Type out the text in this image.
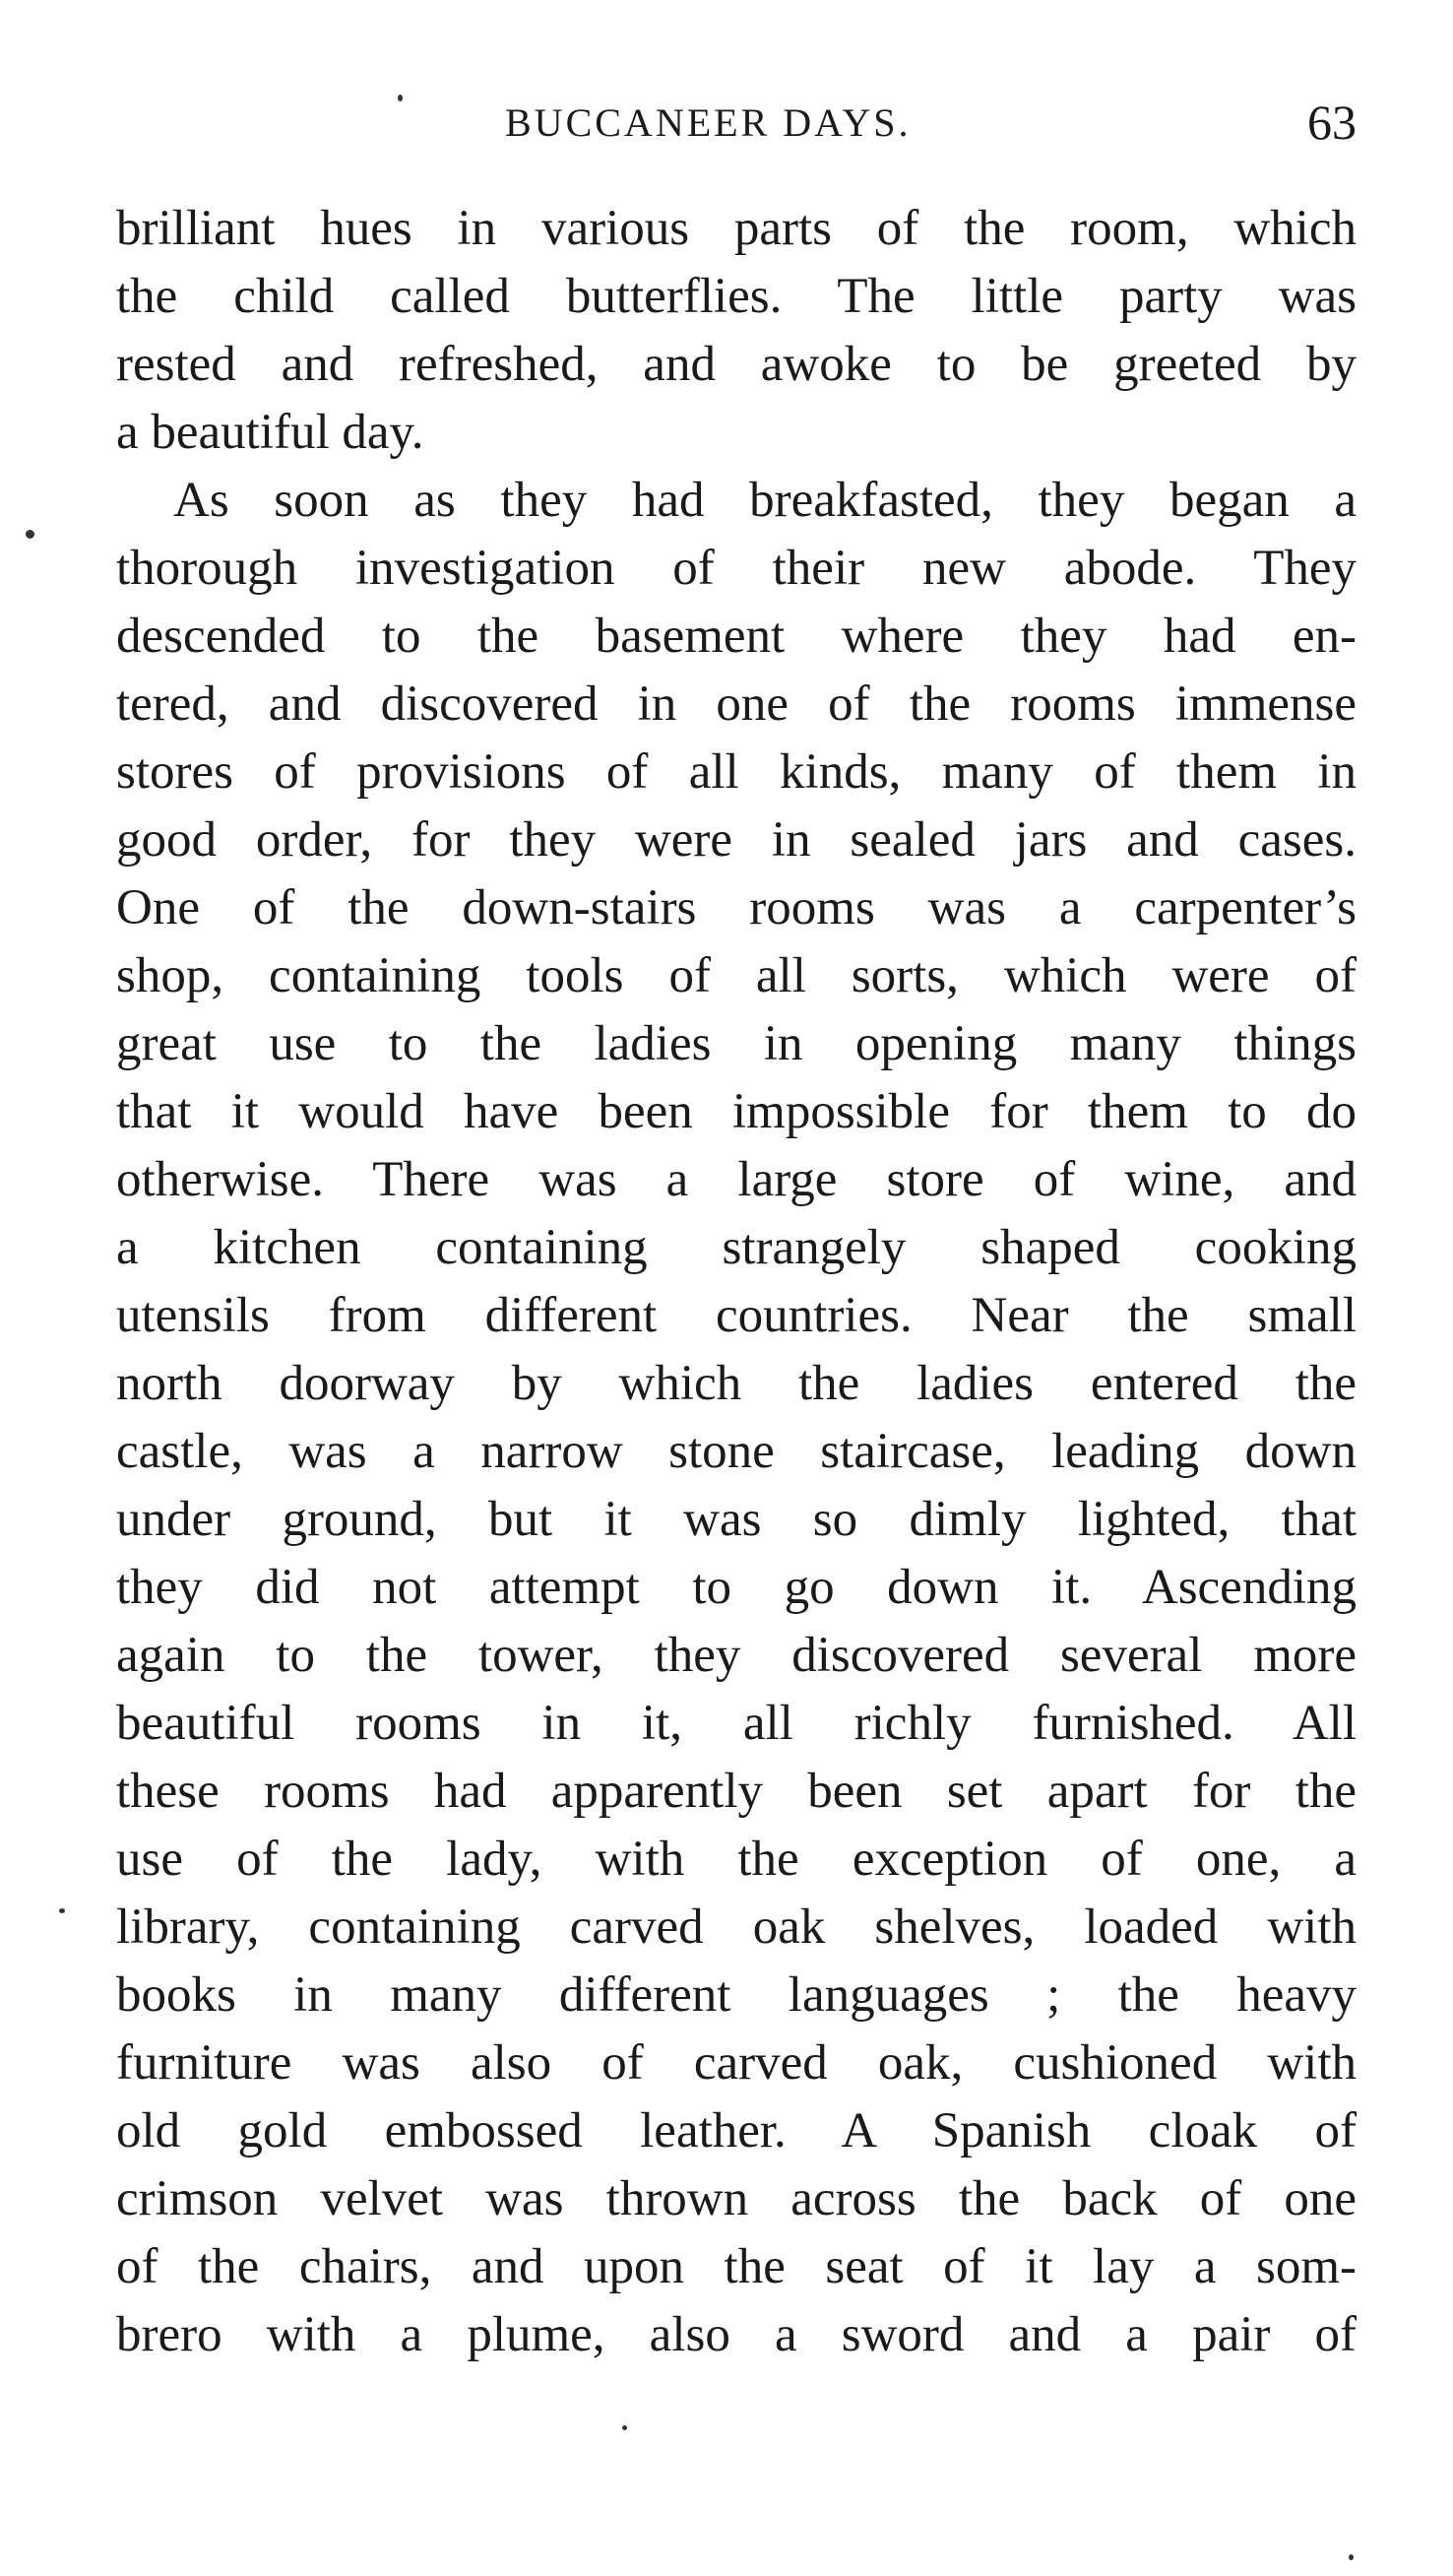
BUCCANEER DAYS.	63
brilliant hues in various parts of the room, which
the child called butterflies. The little party was
rested and refreshed, and awoke to be greeted by
a beautiful day.
As soon as they had breakfasted, they began a
thorough investigation of their new abode. They
descended to the basement where they had en-
tered, and discovered in one of the rooms immense
stores of provisions of all kinds, many of them in
good order, for they were in sealed jars and cases.
One of the down-stairs rooms was a carpenter’s
shop, containing tools of all sorts, which were of
great use to the ladies in opening many things
that it would have been impossible for them to do
otherwise. There was a large store of wine, and
a kitchen containing strangely shaped cooking
utensils from different countries. Near the small
north doorway by which the ladies entered the
castle, was a narrow stone staircase, leading down
under ground, but it was so dimly lighted, that
they did not attempt to go down it. Ascending
again to the tower, they discovered several more
beautiful rooms in it, all richly furnished. All
these rooms had apparently been set apart for the
use of the lady, with the exception of one, a
library, containing carved oak shelves, loaded with
books in many different languages ; the heavy
furniture was also of carved oak, cushioned with
old gold embossed leather. A Spanish cloak of
crimson velvet was thrown across the back of one
of the chairs, and upon the seat of it lay a som-
brero with a plume, also a sword and a pair of
